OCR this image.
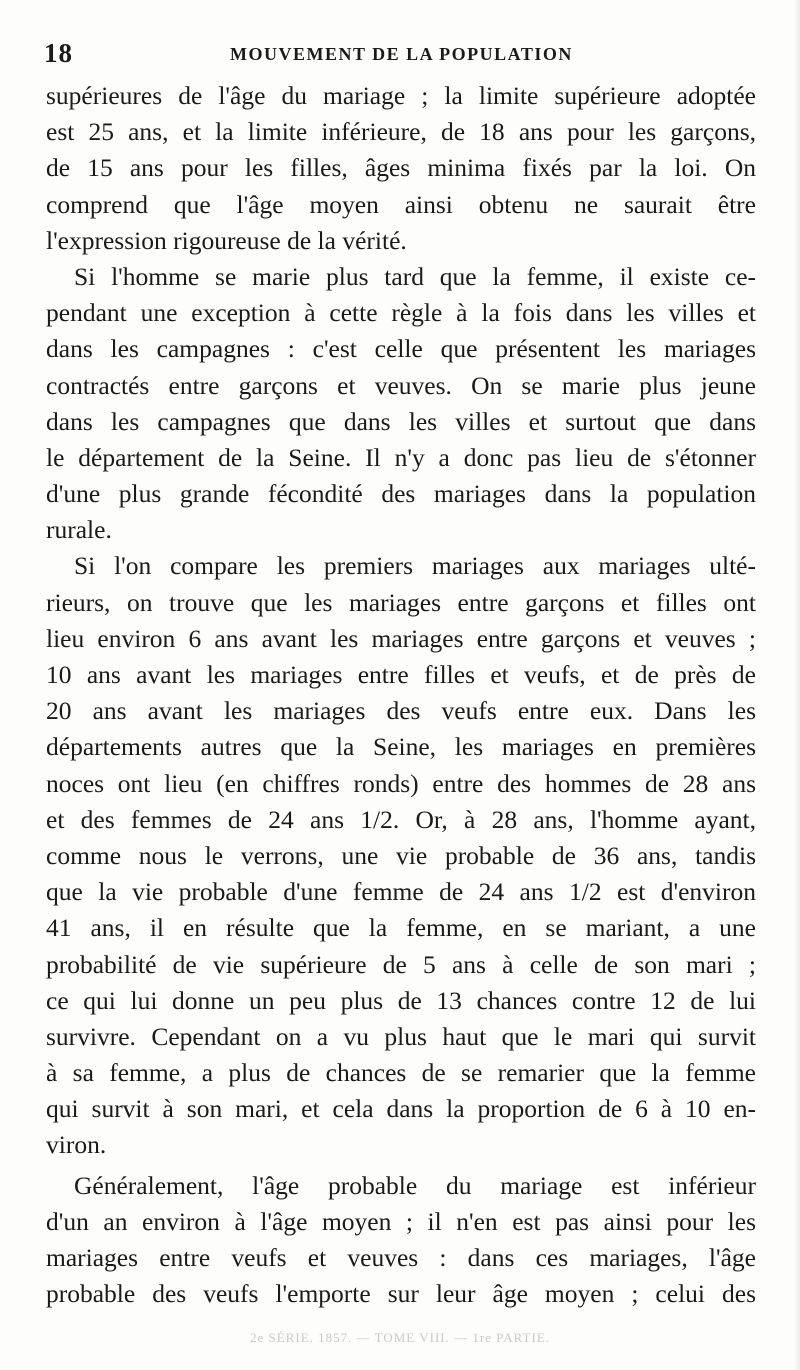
18	MOUVEMENT DE LA POPULATION
supérieures de l'âge du mariage ; la limite supérieure adoptée
est 25 ans, et la limite inférieure, de 18 ans pour les garçons,
de 15 ans pour les filles, âges minima fixés par la loi. On
comprend que l'âge moyen ainsi obtenu ne saurait être
l'expression rigoureuse de la vérité.
Si l'homme se marie plus tard que la femme, il existe ce-
pendant une exception à cette règle à la fois dans les villes et
dans les campagnes : c'est celle que présentent les mariages
contractés entre garçons et veuves. On se marie plus jeune
dans les campagnes que dans les villes et surtout que dans
le département de la Seine. Il n'y a donc pas lieu de s'étonner
d'une plus grande fécondité des mariages dans la population
rurale.
Si l'on compare les premiers mariages aux mariages ulté-
rieurs, on trouve que les mariages entre garçons et filles ont
lieu environ 6 ans avant les mariages entre garçons et veuves ;
10 ans avant les mariages entre filles et veufs, et de près de
20 ans avant les mariages des veufs entre eux. Dans les
départements autres que la Seine, les mariages en premières
noces ont lieu (en chiffres ronds) entre des hommes de 28 ans
et des femmes de 24 ans 1/2. Or, à 28 ans, l'homme ayant,
comme nous le verrons, une vie probable de 36 ans, tandis
que la vie probable d'une femme de 24 ans 1/2 est d'environ
41 ans, il en résulte que la femme, en se mariant, a une
probabilité de vie supérieure de 5 ans à celle de son mari ;
ce qui lui donne un peu plus de 13 chances contre 12 de lui
survivre. Cependant on a vu plus haut que le mari qui survit
à sa femme, a plus de chances de se remarier que la femme
qui survit à son mari, et cela dans la proportion de 6 à 10 en-
viron.
Généralement, l'âge probable du mariage est inférieur
d'un an environ à l'âge moyen ; il n'en est pas ainsi pour les
mariages entre veufs et veuves : dans ces mariages, l'âge
probable des veufs l'emporte sur leur âge moyen ; celui des
2e SÉRIE. 1857. — TOME VIII. — 1re PARTIE.
